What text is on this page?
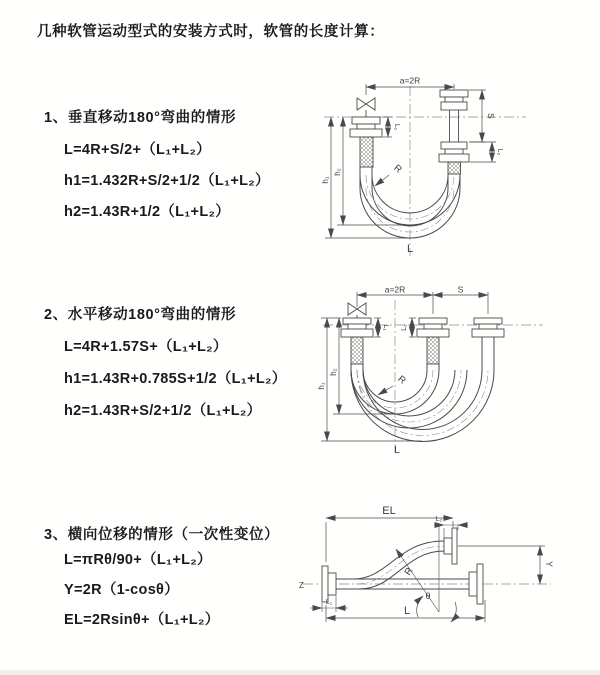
几种软管运动型式的安装方式时，软管的长度计算：
1、垂直移动180°弯曲的情形
L=4R+S/2+（L₁+L₂）
h1=1.432R+S/2+1/2（L₁+L₂）
h2=1.43R+1/2（L₁+L₂）
2、水平移动180°弯曲的情形
L=4R+1.57S+（L₁+L₂）
h1=1.43R+0.785S+1/2（L₁+L₂）
h2=1.43R+S/2+1/2（L₁+L₂）
3、横向位移的情形（一次性变位）
L=πRθ/90+（L₁+L₂）
Y=2R（1-cosθ）
EL=2Rsinθ+（L₁+L₂）
a=2R
L₁
S
L₂
h₂
h₁
R
L
a=2R	S
L₁ L₂
h₂
h₁	R
L
Z
EL
L₂
Y
R
θ
L₁
L
